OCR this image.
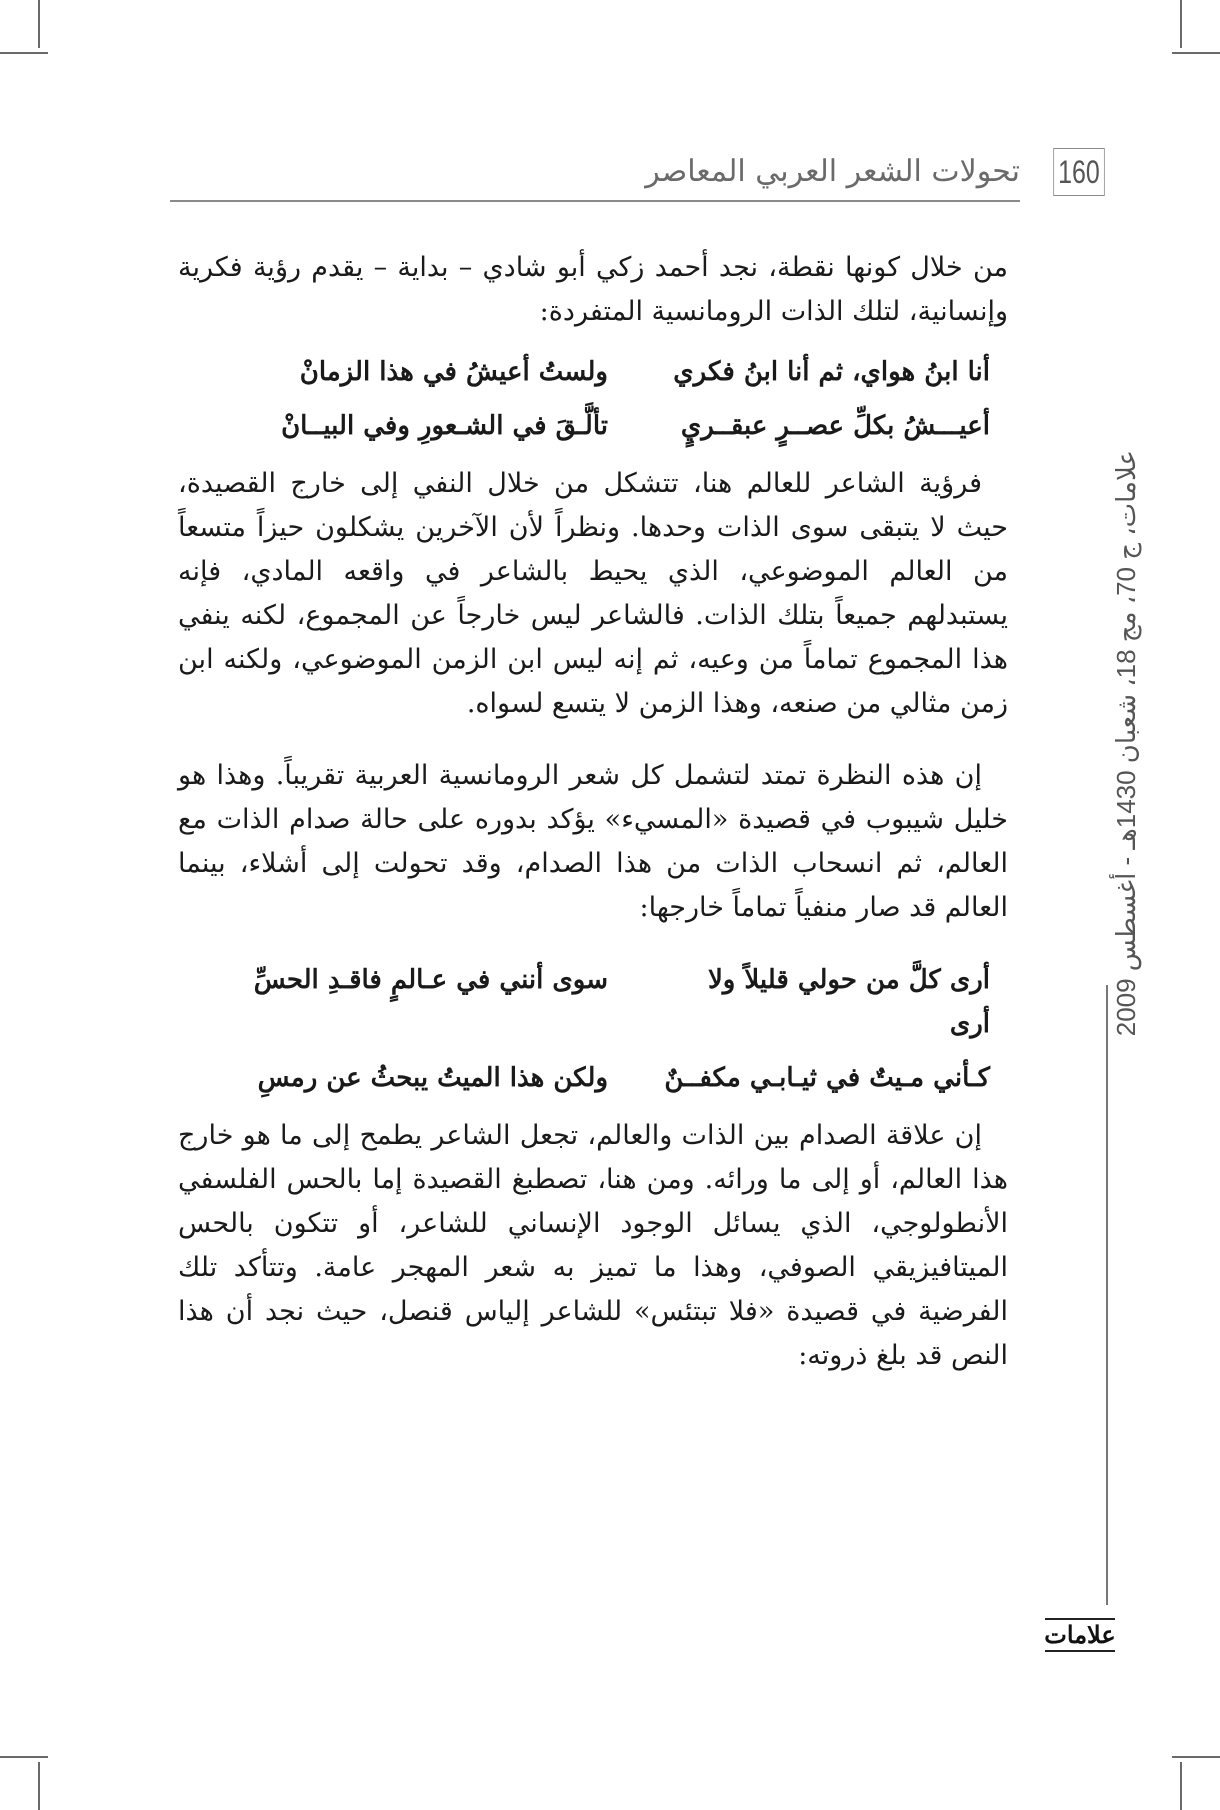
160
تحولات الشعر العربي المعاصر

من خلال كونها نقطة، نجد أحمد زكي أبو شادي – بداية – يقدم رؤية فكرية وإنسانية، لتلك الذات الرومانسية المتفردة:

أنا ابنُ هواي، ثم أنا ابنُ فكري
ولستُ أعيشُ في هذا الزمانْ
أعيـــشُ بكلِّ عصــرٍ عبقــريٍ
تألَّـقَ في الشـعورِ وفي البيــانْ

فرؤية الشاعر للعالم هنا، تتشكل من خلال النفي إلى خارج القصيدة، حيث لا يتبقى سوى الذات وحدها. ونظراً لأن الآخرين يشكلون حيزاً متسعاً من العالم الموضوعي، الذي يحيط بالشاعر في واقعه المادي، فإنه يستبدلهم جميعاً بتلك الذات. فالشاعر ليس خارجاً عن المجموع، لكنه ينفي هذا المجموع تماماً من وعيه، ثم إنه ليس ابن الزمن الموضوعي، ولكنه ابن زمن مثالي من صنعه، وهذا الزمن لا يتسع لسواه.

إن هذه النظرة تمتد لتشمل كل شعر الرومانسية العربية تقريباً. وهذا هو خليل شيبوب في قصيدة «المسيء» يؤكد بدوره على حالة صدام الذات مع العالم، ثم انسحاب الذات من هذا الصدام، وقد تحولت إلى أشلاء، بينما العالم قد صار منفياً تماماً خارجها:

أرى كلَّ من حولي قليلاً ولا أرى
سوى أنني في عـالمٍ فاقـدِ الحسِّ
كـأني مـيتٌ في ثيـابـي مكفــنٌ
ولكن هذا الميتُ يبحثُ عن رمسِ

إن علاقة الصدام بين الذات والعالم، تجعل الشاعر يطمح إلى ما هو خارج هذا العالم، أو إلى ما ورائه. ومن هنا، تصطبغ القصيدة إما بالحس الفلسفي الأنطولوجي، الذي يسائل الوجود الإنساني للشاعر، أو تتكون بالحس الميتافيزيقي الصوفي، وهذا ما تميز به شعر المهجر عامة. وتتأكد تلك الفرضية في قصيدة «فلا تبتئس» للشاعر إلياس قنصل، حيث نجد أن هذا النص قد بلغ ذروته:

علامات، ج 70، مج 18، شعبان 1430هـ - أغسطس 2009
علامات
